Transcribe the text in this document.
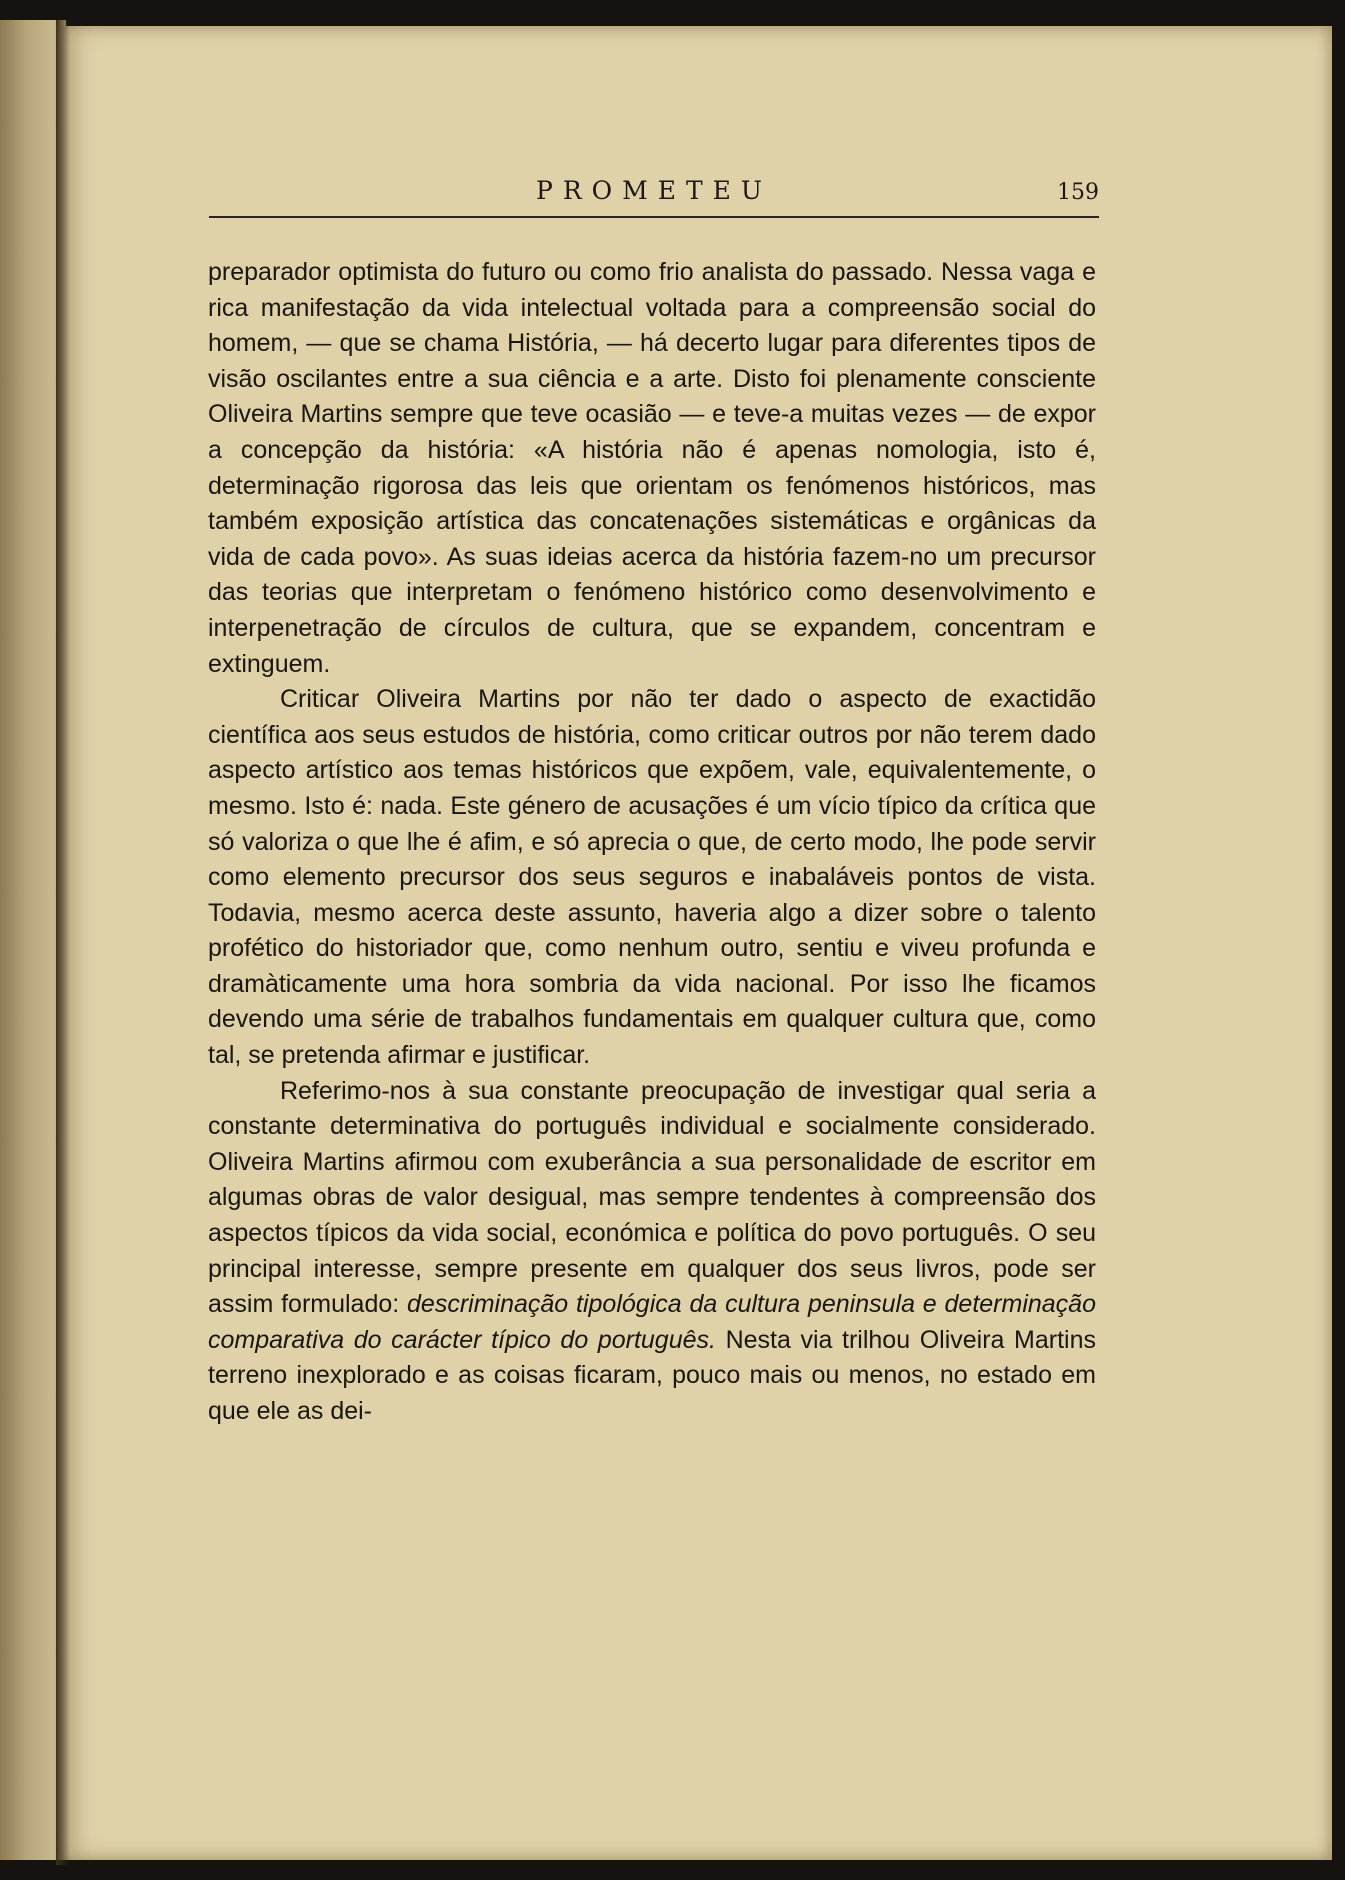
PROMETEU	159

preparador optimista do futuro ou como frio analista do passado. Nessa vaga e rica manifestação da vida intelectual voltada para a compreensão social do homem, — que se chama História, — há decerto lugar para diferentes tipos de visão oscilantes entre a sua ciência e a arte. Disto foi plenamente consciente Oliveira Martins sempre que teve ocasião — e teve-a muitas vezes — de expor a concepção da história: «A história não é apenas nomologia, isto é, determinação rigorosa das leis que orientam os fenómenos históricos, mas também exposição artística das concatenações sistemáticas e orgânicas da vida de cada povo». As suas ideias acerca da história fazem-no um precursor das teorias que interpretam o fenómeno histórico como desenvolvimento e interpenetração de círculos de cultura, que se expandem, concentram e extinguem.

Criticar Oliveira Martins por não ter dado o aspecto de exactidão científica aos seus estudos de história, como criticar outros por não terem dado aspecto artístico aos temas históricos que expõem, vale, equivalentemente, o mesmo. Isto é: nada. Este género de acusações é um vício típico da crítica que só valoriza o que lhe é afim, e só aprecia o que, de certo modo, lhe pode servir como elemento precursor dos seus seguros e inabaláveis pontos de vista. Todavia, mesmo acerca deste assunto, haveria algo a dizer sobre o talento profético do historiador que, como nenhum outro, sentiu e viveu profunda e dramàticamente uma hora sombria da vida nacional. Por isso lhe ficamos devendo uma série de trabalhos fundamentais em qualquer cultura que, como tal, se pretenda afirmar e justificar.

Referimo-nos à sua constante preocupação de investigar qual seria a constante determinativa do português individual e socialmente considerado. Oliveira Martins afirmou com exuberância a sua personalidade de escritor em algumas obras de valor desigual, mas sempre tendentes à compreensão dos aspectos típicos da vida social, económica e política do povo português. O seu principal interesse, sempre presente em qualquer dos seus livros, pode ser assim formulado: descriminação tipológica da cultura peninsula e determinação comparativa do carácter típico do português. Nesta via trilhou Oliveira Martins terreno inexplorado e as coisas ficaram, pouco mais ou menos, no estado em que ele as dei-
